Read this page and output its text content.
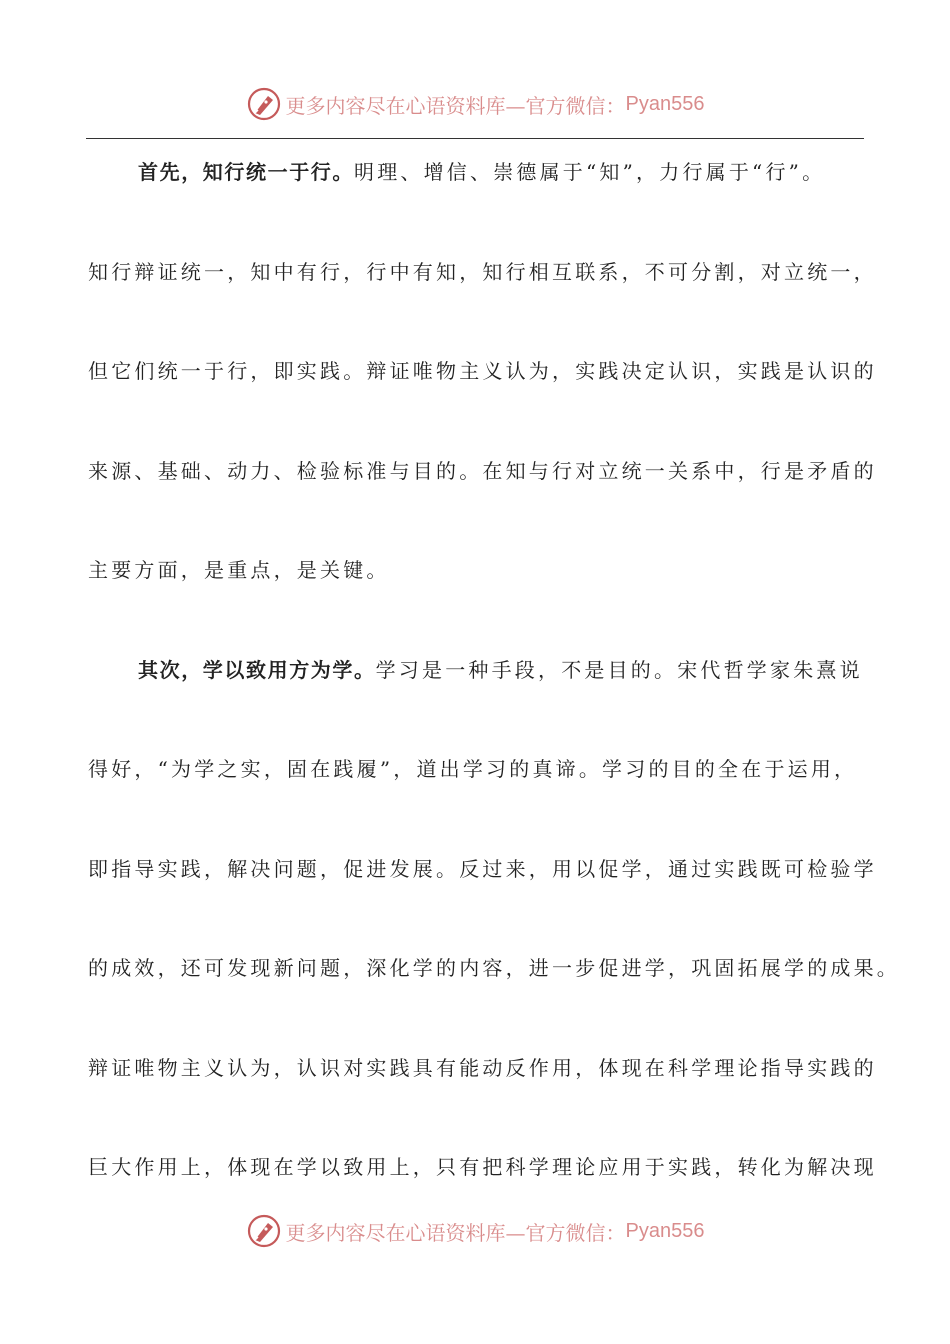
更多内容尽在心语资料库— 官方微信： Pyan556
首先，知行统一于行。明理、增信、崇德属于“知”，力行属于“行”。
知行辩证统一，知中有行，行中有知，知行相互联系，不可分割，对立统一，
但它们统一于行，即实践。辩证唯物主义认为，实践决定认识，实践是认识的
来源、基础、动力、检验标准与目的。在知与行对立统一关系中，行是矛盾的
主要方面，是重点，是关键。
其次，学以致用方为学。学习是一种手段，不是目的。宋代哲学家朱熹说
得好，“为学之实，固在践履”，道出学习的真谛。学习的目的全在于运用，
即指导实践，解决问题，促进发展。反过来，用以促学，通过实践既可检验学
的成效，还可发现新问题，深化学的内容，进一步促进学，巩固拓展学的成果。
辩证唯物主义认为，认识对实践具有能动反作用，体现在科学理论指导实践的
巨大作用上，体现在学以致用上，只有把科学理论应用于实践，转化为解决现
更多内容尽在心语资料库— 官方微信： Pyan556
